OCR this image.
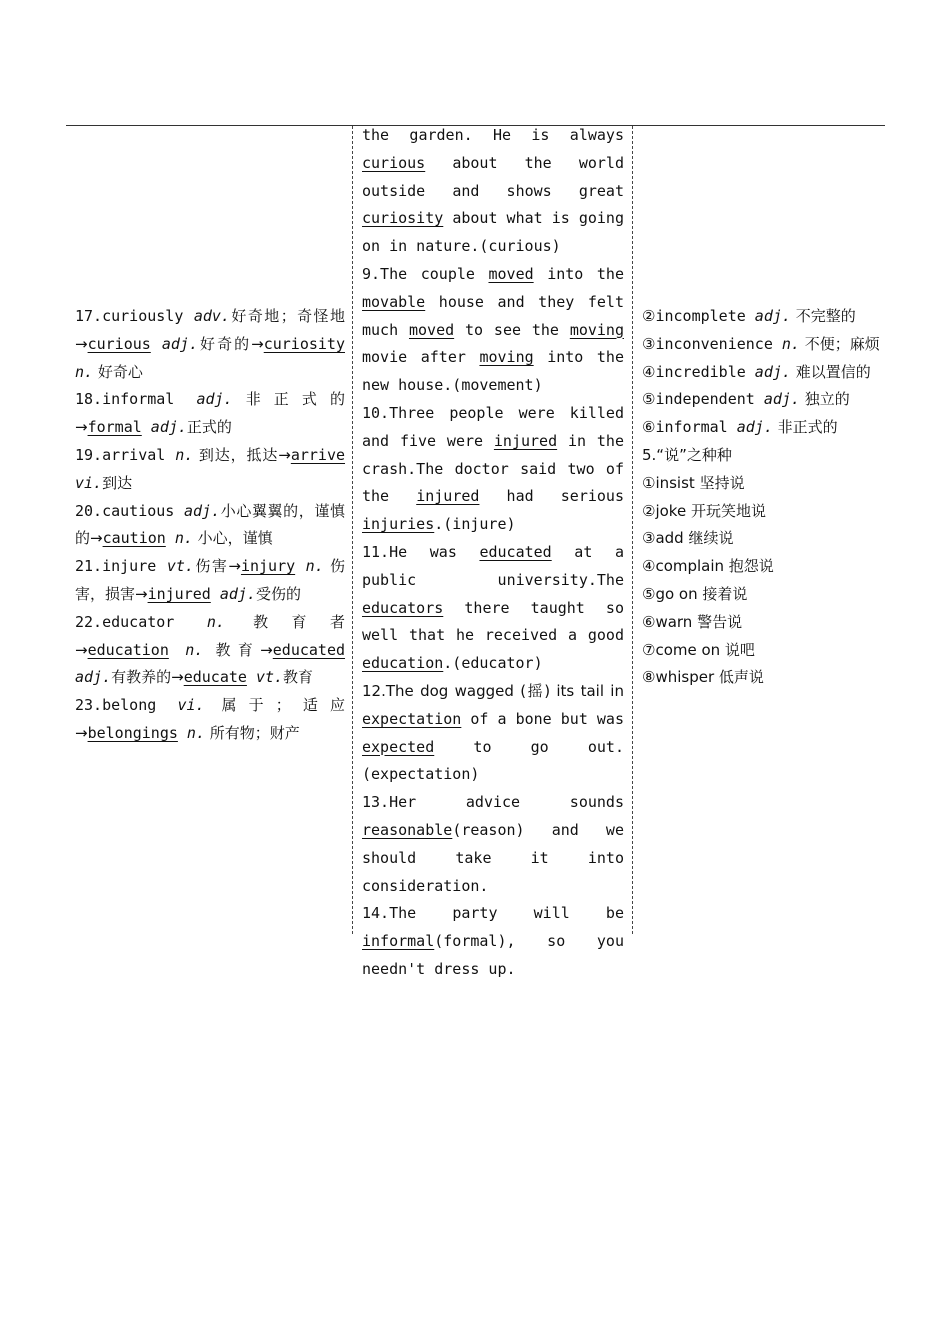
17.curiously adv.好奇地；奇怪地→curious adj.好奇的→curiosity n. 好奇心
18.informal adj.非正式的→formal adj.正式的
19.arrival n. 到达，抵达→arrive vi.到达
20.cautious adj.小心翼翼的，谨慎的→caution n. 小心，谨慎
21.injure vt.伤害→injury n. 伤害，损害→injured adj.受伤的
22.educator n. 教育者→education n. 教育→educated adj.有教养的→educate vt.教育
23.belong vi. 属于；适应→belongings n. 所有物；财产
the garden. He is always curious about the world outside and shows great curiosity about what is going on in nature.(curious)
9.The couple moved into the movable house and they felt much moved to see the moving movie after moving into the new house.(movement)
10.Three people were killed and five were injured in the crash.The doctor said two of the injured had serious injuries.(injure)
11.He was educated at a public university.The educators there taught so well that he received a good education.(educator)
12.The dog wagged (摇) its tail in expectation of a bone but was expected to go out.(expectation)
13.Her advice sounds reasonable(reason) and we should take it into consideration.
14.The party will be informal(formal), so you needn't dress up.
②incomplete adj. 不完整的
③inconvenience n. 不便；麻烦
④incredible adj. 难以置信的
⑤independent adj. 独立的
⑥informal adj. 非正式的
5.“说”之种种
①insist 坚持说
②joke 开玩笑地说
③add 继续说
④complain 抱怨说
⑤go on 接着说
⑥warn 警告说
⑦come on 说吧
⑧whisper 低声说
